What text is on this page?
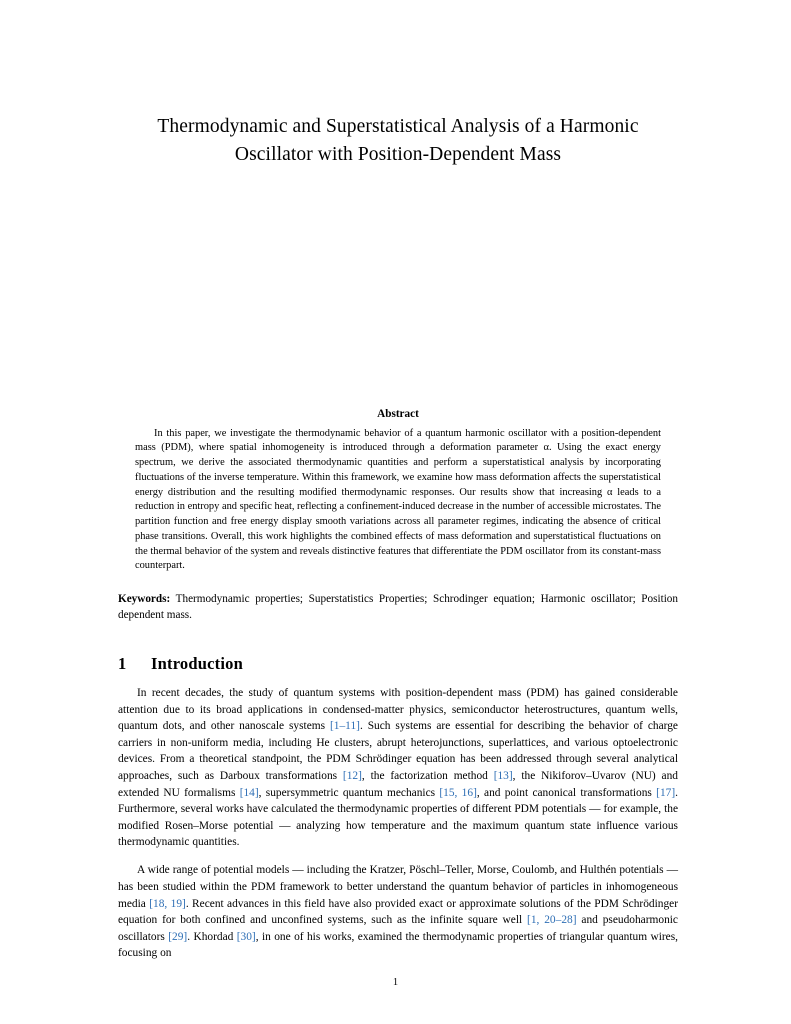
Thermodynamic and Superstatistical Analysis of a Harmonic
Oscillator with Position-Dependent Mass
Abstract
In this paper, we investigate the thermodynamic behavior of a quantum harmonic oscillator with a position-dependent mass (PDM), where spatial inhomogeneity is introduced through a deformation parameter α. Using the exact energy spectrum, we derive the associated thermodynamic quantities and perform a superstatistical analysis by incorporating fluctuations of the inverse temperature. Within this framework, we examine how mass deformation affects the superstatistical energy distribution and the resulting modified thermodynamic responses. Our results show that increasing α leads to a reduction in entropy and specific heat, reflecting a confinement-induced decrease in the number of accessible microstates. The partition function and free energy display smooth variations across all parameter regimes, indicating the absence of critical phase transitions. Overall, this work highlights the combined effects of mass deformation and superstatistical fluctuations on the thermal behavior of the system and reveals distinctive features that differentiate the PDM oscillator from its constant-mass counterpart.
Keywords: Thermodynamic properties; Superstatistics Properties; Schrodinger equation; Harmonic oscillator; Position dependent mass.
1 Introduction

In recent decades, the study of quantum systems with position-dependent mass (PDM) has gained considerable attention due to its broad applications in condensed-matter physics, semiconductor heterostructures, quantum wells, quantum dots, and other nanoscale systems [1–11]. Such systems are essential for describing the behavior of charge carriers in non-uniform media, including He clusters, abrupt heterojunctions, superlattices, and various optoelectronic devices. From a theoretical standpoint, the PDM Schrödinger equation has been addressed through several analytical approaches, such as Darboux transformations [12], the factorization method [13], the Nikiforov–Uvarov (NU) and extended NU formalisms [14], supersymmetric quantum mechanics [15, 16], and point canonical transformations [17]. Furthermore, several works have calculated the thermodynamic properties of different PDM potentials — for example, the modified Rosen–Morse potential — analyzing how temperature and the maximum quantum state influence various thermodynamic quantities.

A wide range of potential models — including the Kratzer, Pöschl–Teller, Morse, Coulomb, and Hulthén potentials — has been studied within the PDM framework to better understand the quantum behavior of particles in inhomogeneous media [18, 19]. Recent advances in this field have also provided exact or approximate solutions of the PDM Schrödinger equation for both confined and unconfined systems, such as the infinite square well [1, 20–28] and pseudoharmonic oscillators [29]. Khordad [30], in one of his works, examined the thermodynamic properties of triangular quantum wires, focusing on

1
